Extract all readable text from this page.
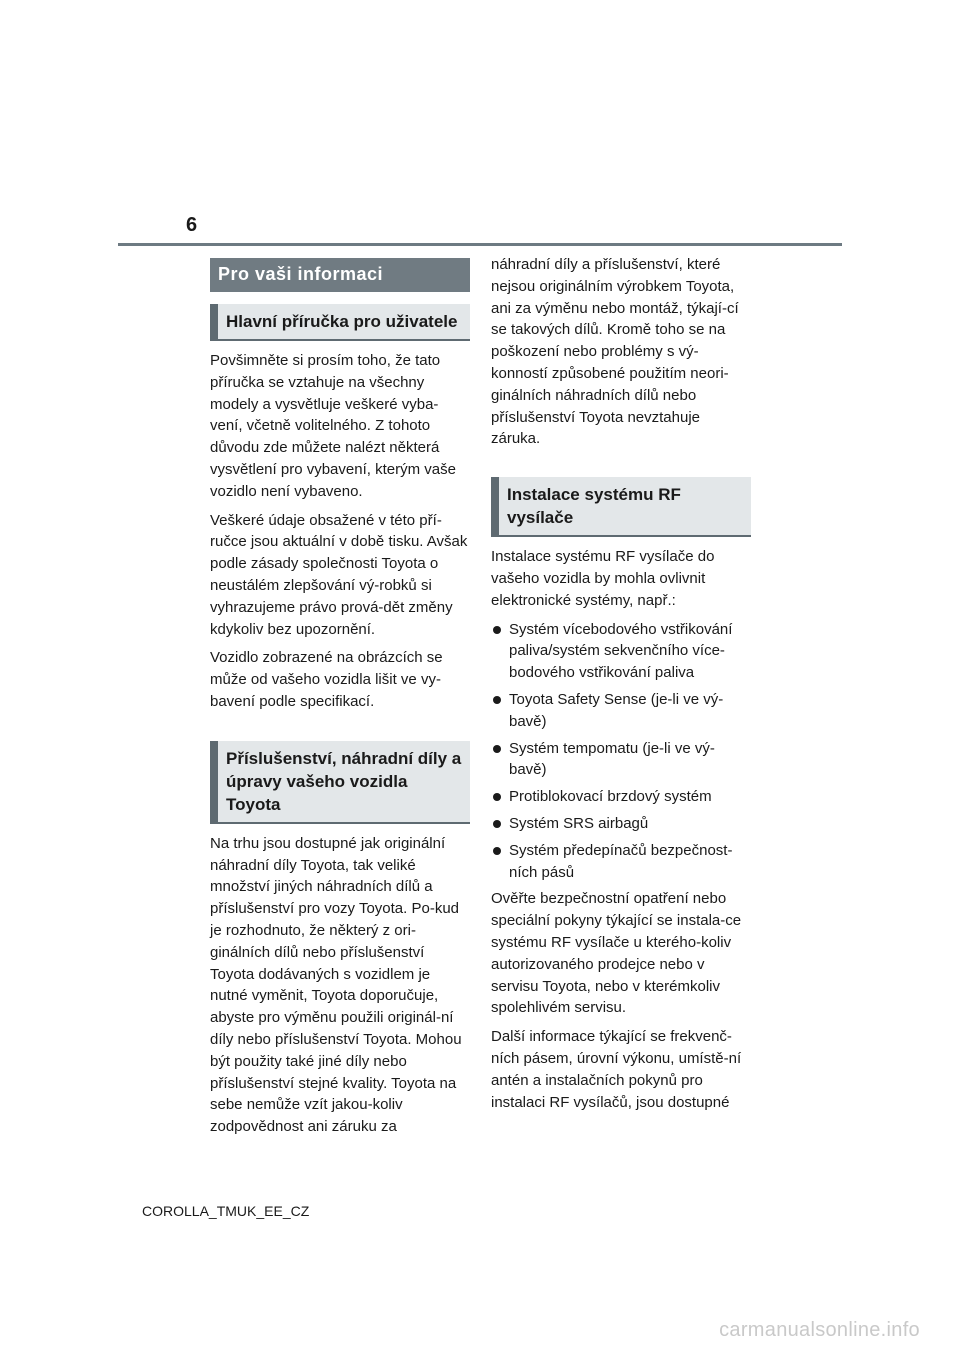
6
Pro vaši informaci
Hlavní příručka pro uživatele

Povšimněte si prosím toho, že tato příručka se vztahuje na všechny modely a vysvětluje veškeré vyba-vení, včetně volitelného. Z tohoto důvodu zde můžete nalézt některá vysvětlení pro vybavení, kterým vaše vozidlo není vybaveno.

Veškeré údaje obsažené v této pří-ručce jsou aktuální v době tisku. Avšak podle zásady společnosti Toyota o neustálém zlepšování vý-robků si vyhrazujeme právo prová-dět změny kdykoliv bez upozornění.

Vozidlo zobrazené na obrázcích se může od vašeho vozidla lišit ve vy-bavení podle specifikací.

Příslušenství, náhradní díly a úpravy vašeho vozidla Toyota

Na trhu jsou dostupné jak originální náhradní díly Toyota, tak veliké množství jiných náhradních dílů a příslušenství pro vozy Toyota. Po-kud je rozhodnuto, že některý z ori-ginálních dílů nebo příslušenství Toyota dodávaných s vozidlem je nutné vyměnit, Toyota doporučuje, abyste pro výměnu použili originál-ní díly nebo příslušenství Toyota. Mohou být použity také jiné díly nebo příslušenství stejné kvality. Toyota na sebe nemůže vzít jakou-koliv zodpovědnost ani záruku za

náhradní díly a příslušenství, které nejsou originálním výrobkem Toyota, ani za výměnu nebo montáž, týkají-cí se takových dílů. Kromě toho se na poškození nebo problémy s vý-konností způsobené použitím neori-ginálních náhradních dílů nebo příslušenství Toyota nevztahuje záruka.

Instalace systému RF vysílače

Instalace systému RF vysílače do vašeho vozidla by mohla ovlivnit elektronické systémy, např.:

Systém vícebodového vstřikování paliva/systém sekvenčního více-bodového vstřikování paliva
Toyota Safety Sense (je-li ve vý-bavě)
Systém tempomatu (je-li ve vý-bavě)
Protiblokovací brzdový systém
Systém SRS airbagů
Systém předepínačů bezpečnost-ních pásů

Ověřte bezpečnostní opatření nebo speciální pokyny týkající se instala-ce systému RF vysílače u kterého-koliv autorizovaného prodejce nebo v servisu Toyota, nebo v kterémkoliv spolehlivém servisu.

Další informace týkající se frekvenč-ních pásem, úrovní výkonu, umístě-ní antén a instalačních pokynů pro instalaci RF vysílačů, jsou dostupné

COROLLA_TMUK_EE_CZ
carmanualsonline.info
